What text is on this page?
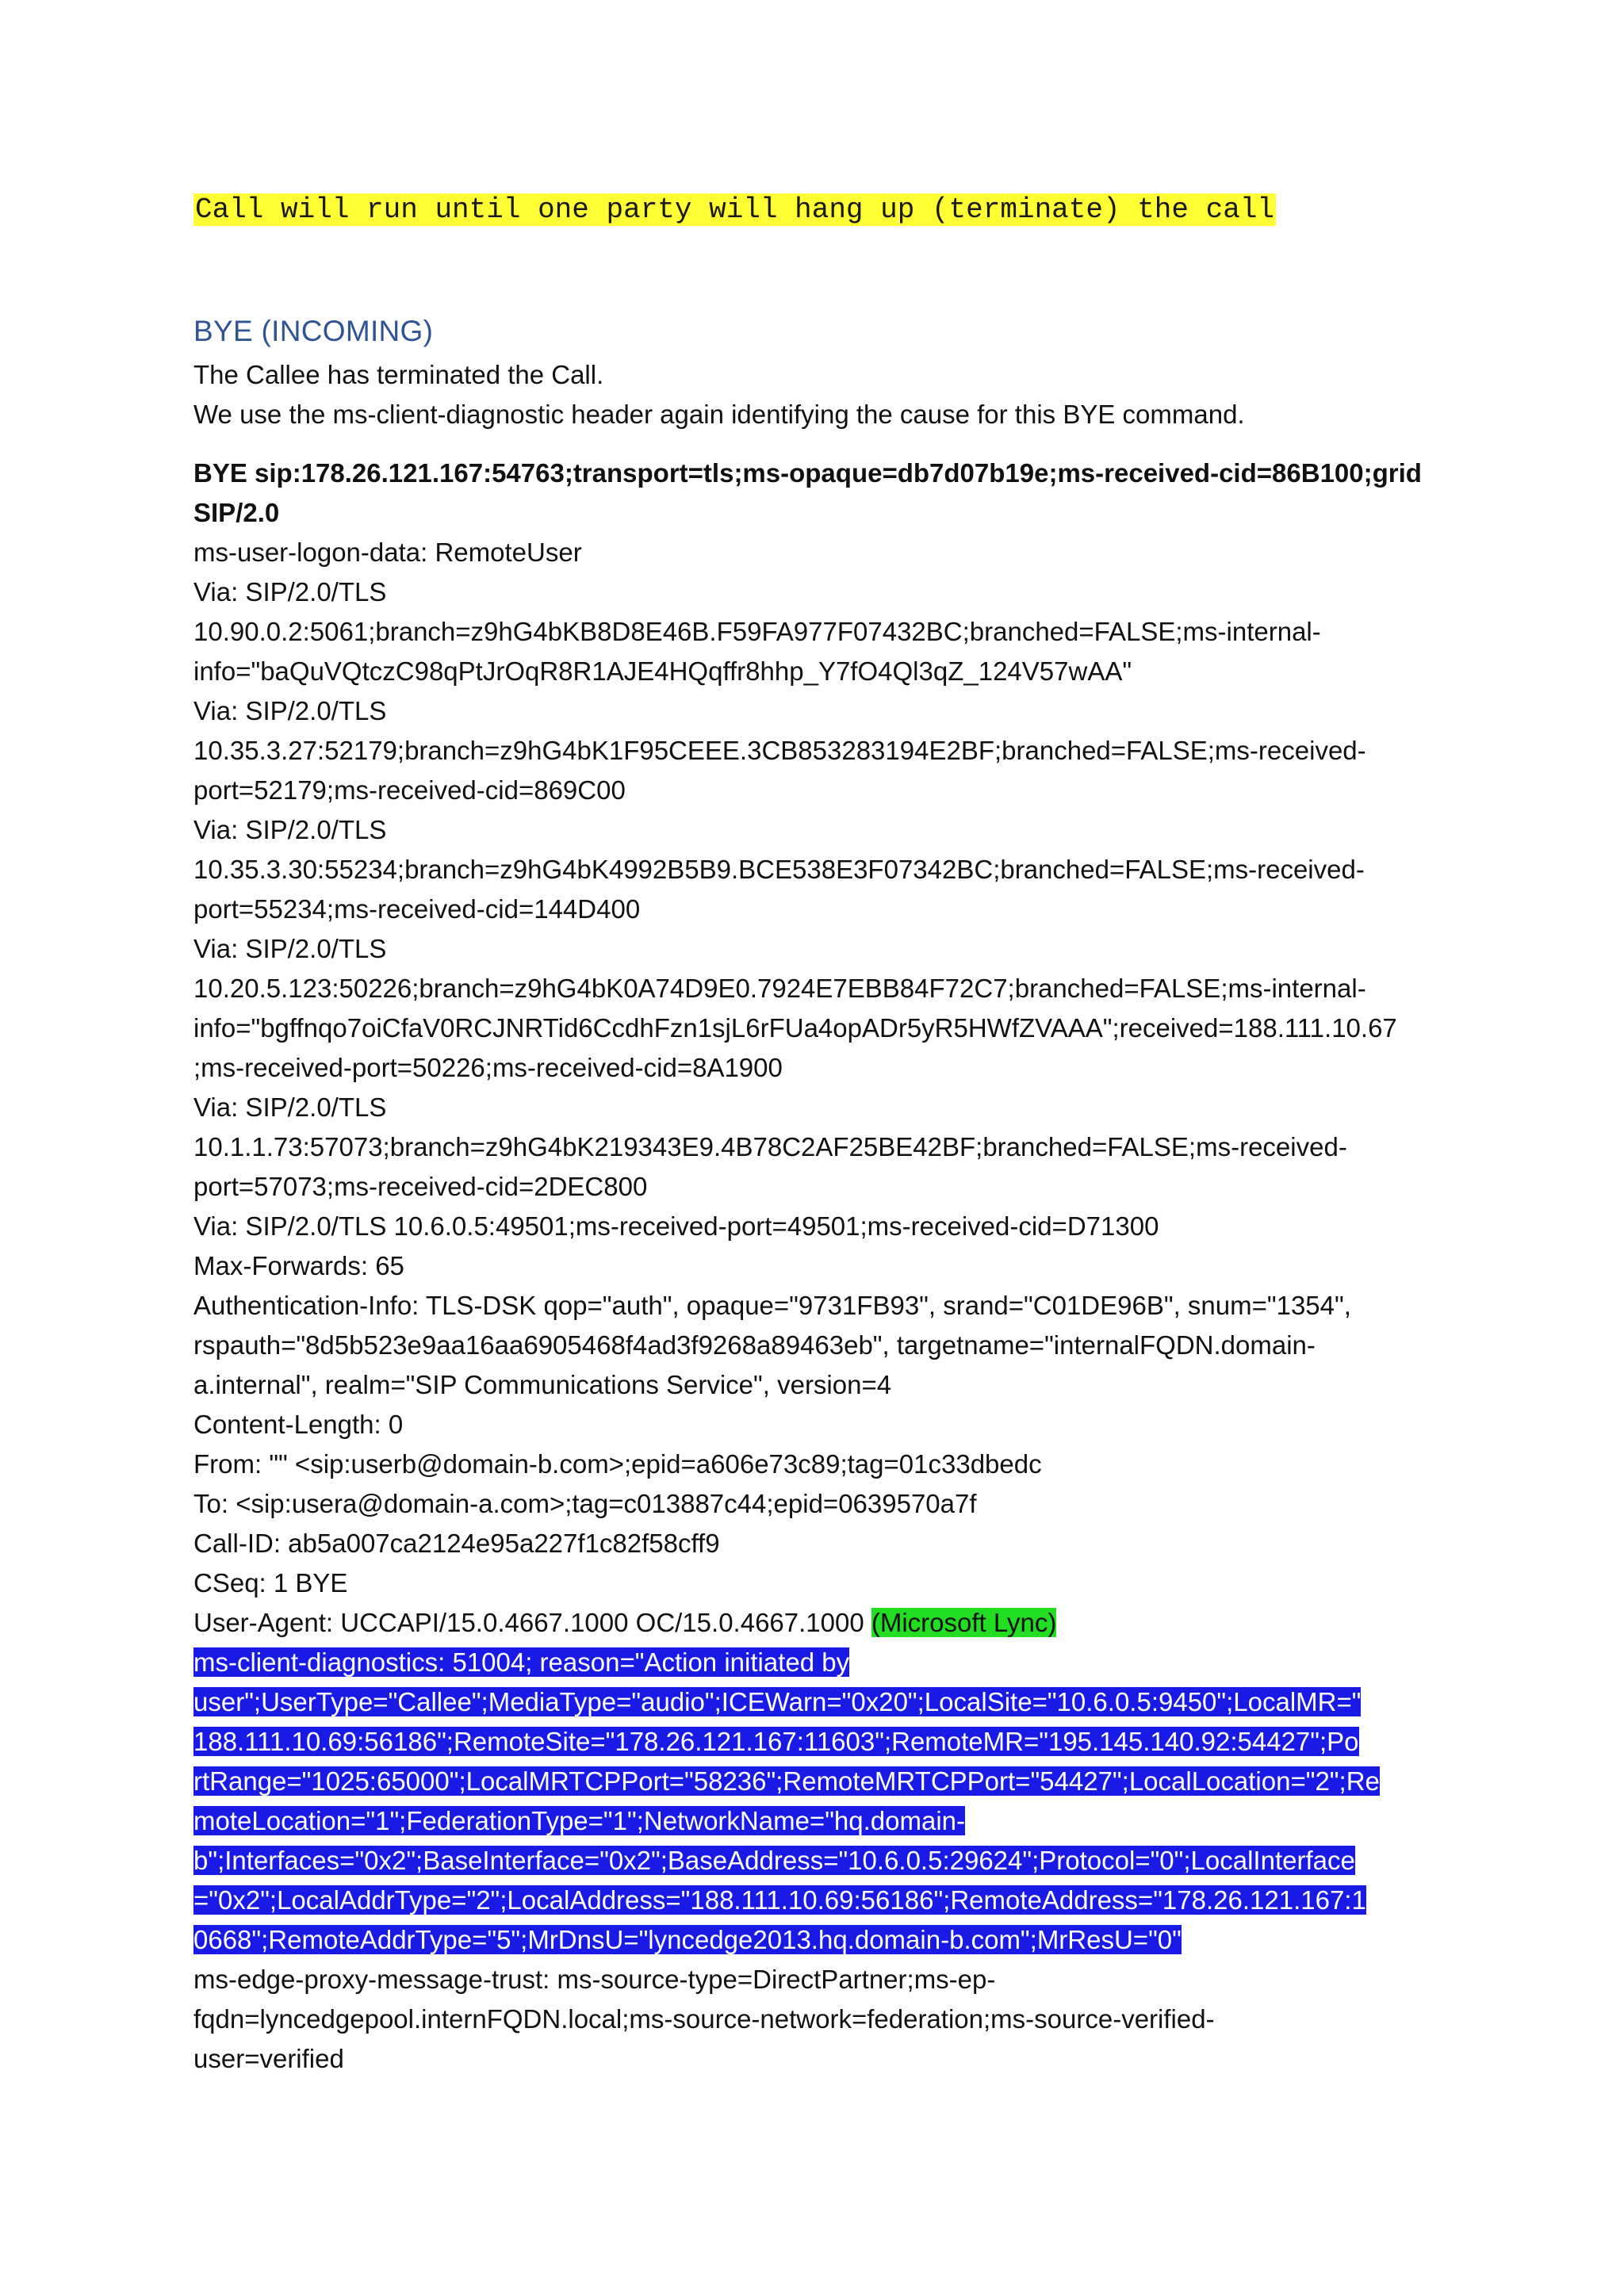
Call will run until one party will hang up (terminate) the call
BYE (INCOMING)
The Callee has terminated the Call.
We use the ms-client-diagnostic header again identifying the cause for this BYE command.
BYE sip:178.26.121.167:54763;transport=tls;ms-opaque=db7d07b19e;ms-received-cid=86B100;grid
SIP/2.0
ms-user-logon-data: RemoteUser
Via: SIP/2.0/TLS
10.90.0.2:5061;branch=z9hG4bKB8D8E46B.F59FA977F07432BC;branched=FALSE;ms-internal-
info="baQuVQtczC98qPtJrOqR8R1AJE4HQqffr8hhp_Y7fO4Ql3qZ_124V57wAA"
Via: SIP/2.0/TLS
10.35.3.27:52179;branch=z9hG4bK1F95CEEE.3CB853283194E2BF;branched=FALSE;ms-received-
port=52179;ms-received-cid=869C00
Via: SIP/2.0/TLS
10.35.3.30:55234;branch=z9hG4bK4992B5B9.BCE538E3F07342BC;branched=FALSE;ms-received-
port=55234;ms-received-cid=144D400
Via: SIP/2.0/TLS
10.20.5.123:50226;branch=z9hG4bK0A74D9E0.7924E7EBB84F72C7;branched=FALSE;ms-internal-
info="bgffnqo7oiCfaV0RCJNRTid6CcdhFzn1sjL6rFUa4opADr5yR5HWfZVAAA";received=188.111.10.67
;ms-received-port=50226;ms-received-cid=8A1900
Via: SIP/2.0/TLS
10.1.1.73:57073;branch=z9hG4bK219343E9.4B78C2AF25BE42BF;branched=FALSE;ms-received-
port=57073;ms-received-cid=2DEC800
Via: SIP/2.0/TLS 10.6.0.5:49501;ms-received-port=49501;ms-received-cid=D71300
Max-Forwards: 65
Authentication-Info: TLS-DSK qop="auth", opaque="9731FB93", srand="C01DE96B", snum="1354",
rspauth="8d5b523e9aa16aa6905468f4ad3f9268a89463eb", targetname="internalFQDN.domain-
a.internal", realm="SIP Communications Service", version=4
Content-Length: 0
From: "" <sip:userb@domain-b.com>;epid=a606e73c89;tag=01c33dbedc
To: <sip:usera@domain-a.com>;tag=c013887c44;epid=0639570a7f
Call-ID: ab5a007ca2124e95a227f1c82f58cff9
CSeq: 1 BYE
User-Agent: UCCAPI/15.0.4667.1000 OC/15.0.4667.1000 (Microsoft Lync)
ms-client-diagnostics: 51004; reason="Action initiated by
user";UserType="Callee";MediaType="audio";ICEWarn="0x20";LocalSite="10.6.0.5:9450";LocalMR="
188.111.10.69:56186";RemoteSite="178.26.121.167:11603";RemoteMR="195.145.140.92:54427";Po
rtRange="1025:65000";LocalMRTCPPort="58236";RemoteMRTCPPort="54427";LocalLocation="2";Re
moteLocation="1";FederationType="1";NetworkName="hq.domain-
b";Interfaces="0x2";BaseInterface="0x2";BaseAddress="10.6.0.5:29624";Protocol="0";LocalInterface
="0x2";LocalAddrType="2";LocalAddress="188.111.10.69:56186";RemoteAddress="178.26.121.167:1
0668";RemoteAddrType="5";MrDnsU="lyncedge2013.hq.domain-b.com";MrResU="0"
ms-edge-proxy-message-trust: ms-source-type=DirectPartner;ms-ep-
fqdn=lyncedgepool.internFQDN.local;ms-source-network=federation;ms-source-verified-
user=verified
